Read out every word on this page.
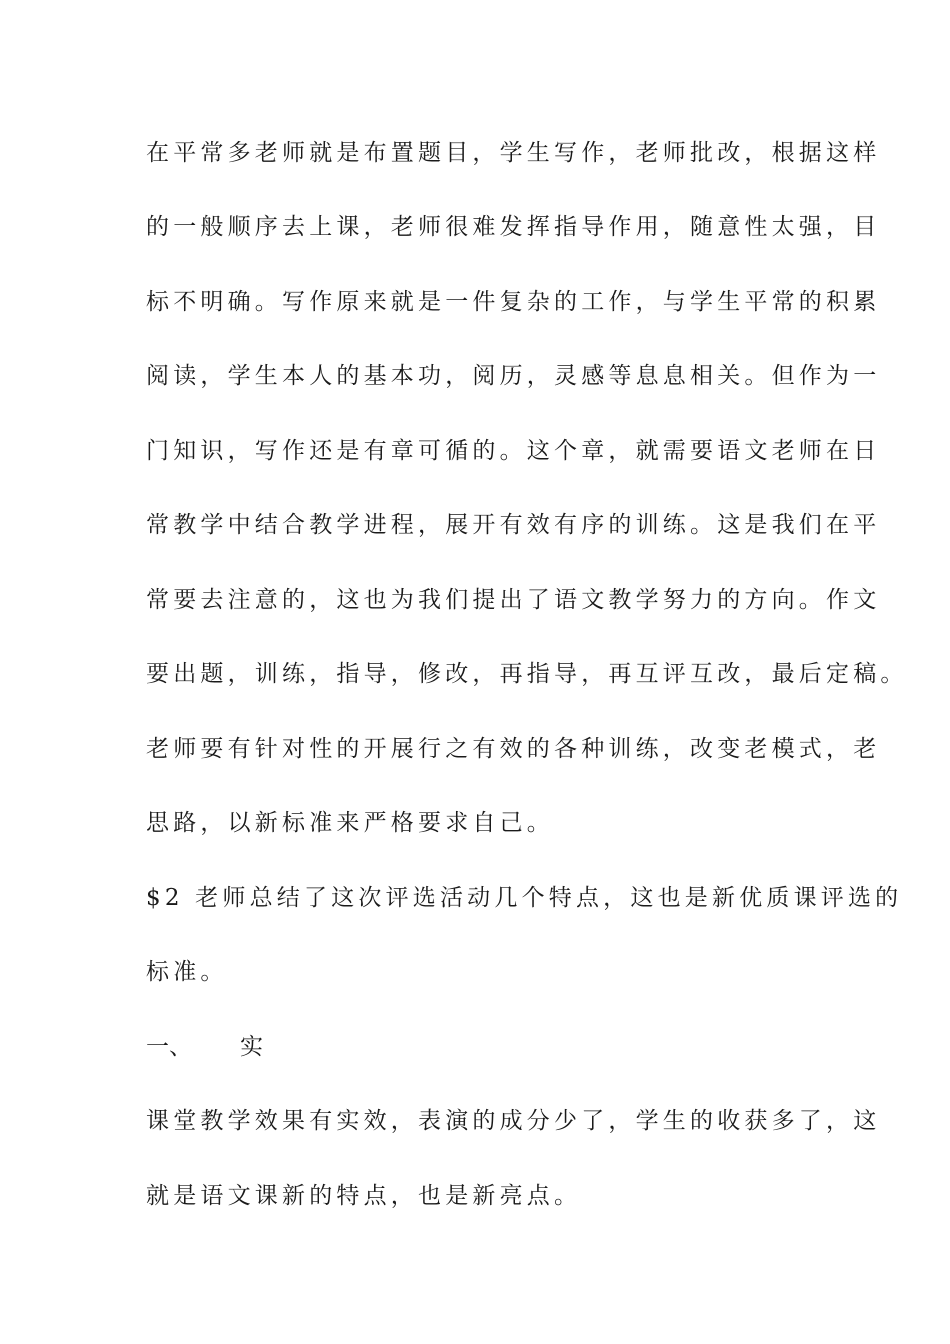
在平常多老师就是布置题目，学生写作，老师批改，根据这样
的一般顺序去上课，老师很难发挥指导作用，随意性太强，目
标不明确。写作原来就是一件复杂的工作，与学生平常的积累
阅读，学生本人的基本功，阅历，灵感等息息相关。但作为一
门知识，写作还是有章可循的。这个章，就需要语文老师在日
常教学中结合教学进程，展开有效有序的训练。这是我们在平
常要去注意的，这也为我们提出了语文教学努力的方向。作文
要出题，训练，指导，修改，再指导，再互评互改，最后定稿。
老师要有针对性的开展行之有效的各种训练，改变老模式，老
思路，以新标准来严格要求自己。
$2 老师总结了这次评选活动几个特点，这也是新优质课评选的
标准。
一、 实
课堂教学效果有实效，表演的成分少了，学生的收获多了，这
就是语文课新的特点，也是新亮点。
